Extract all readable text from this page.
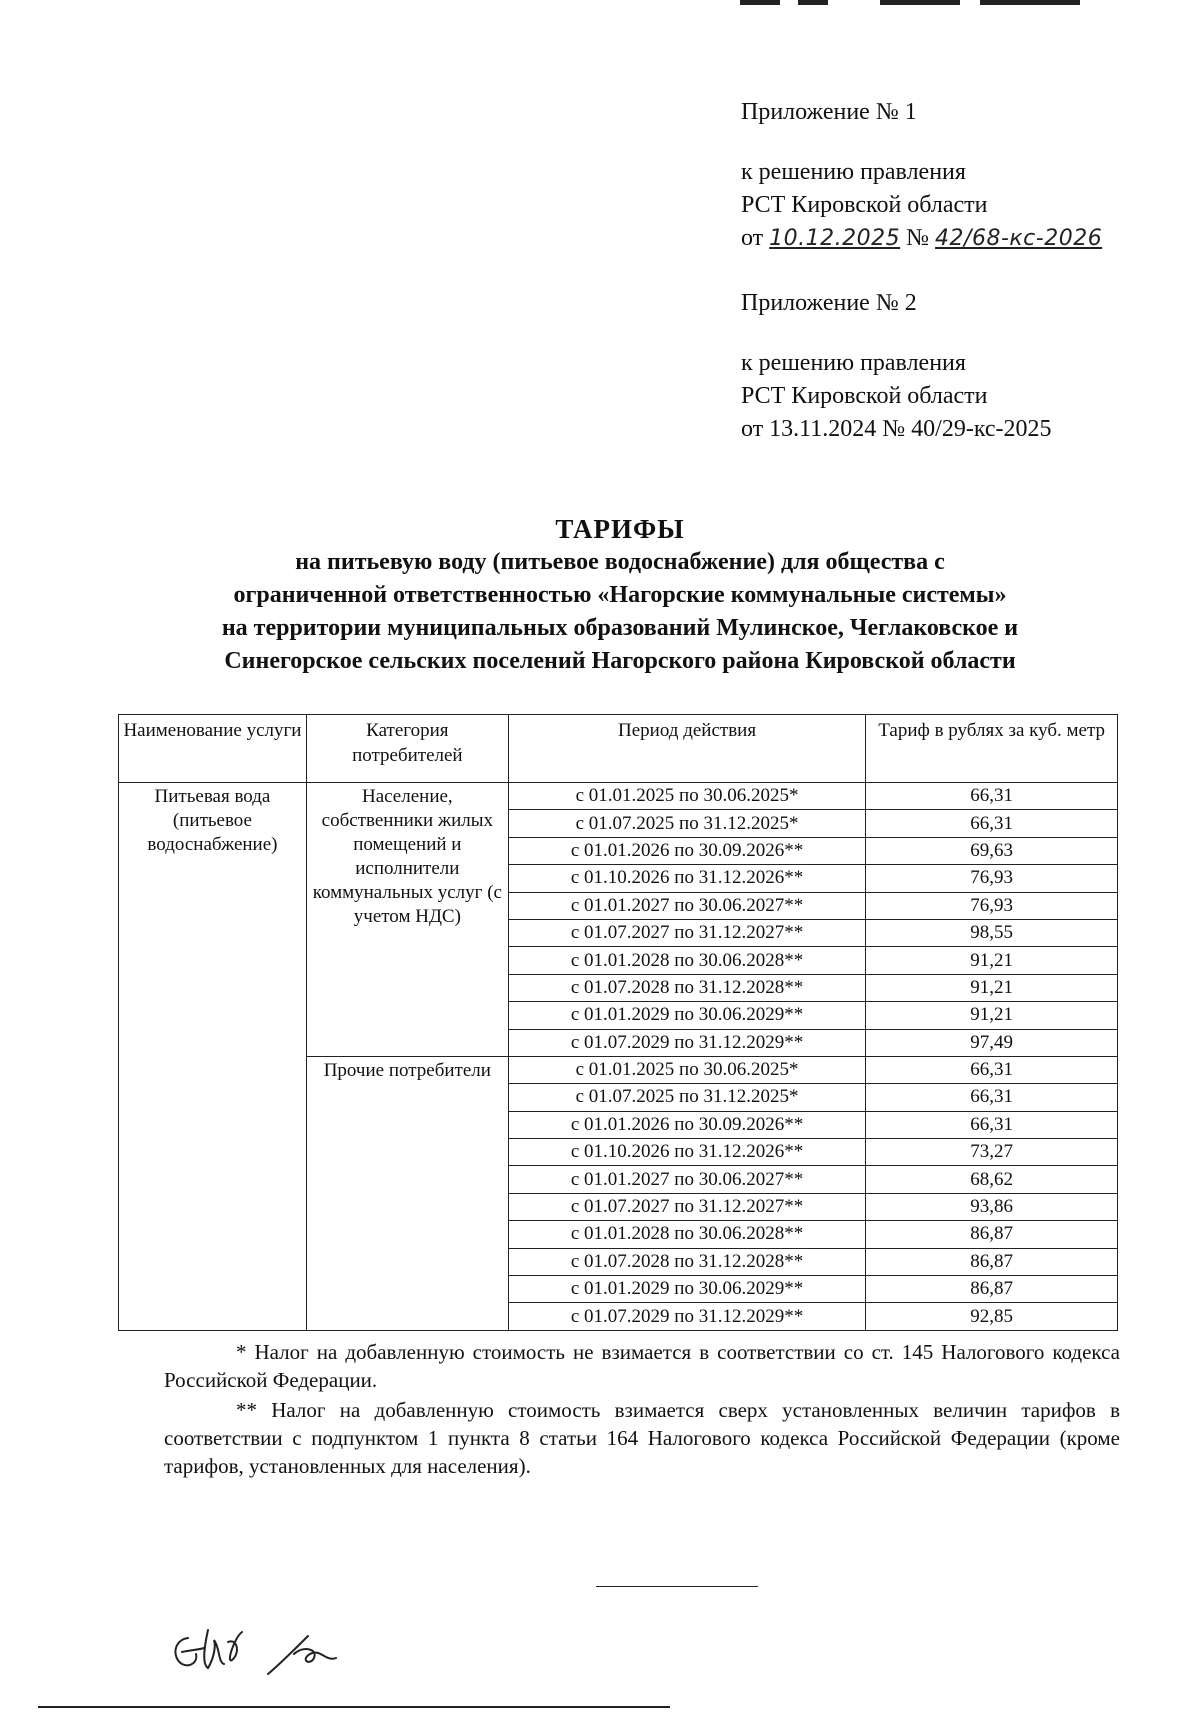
Приложение № 1
к решению правления
РСТ Кировской области
от 10.12.2025 № 42/68-кс-2026
Приложение № 2
к решению правления
РСТ Кировской области
от 13.11.2024 № 40/29-кс-2025
ТАРИФЫ
на питьевую воду (питьевое водоснабжение) для общества с
ограниченной ответственностью «Нагорские коммунальные системы»
на территории муниципальных образований Мулинское, Чеглаковское и
Синегорское сельских поселений Нагорского района Кировской области
Наименование услуги	Категория потребителей	Период действия	Тариф в рублях за куб. метр
Питьевая вода (питьевое водоснабжение)	Население, собственники жилых помещений и исполнители коммунальных услуг (с учетом НДС)	с 01.01.2025 по 30.06.2025*	66,31
		с 01.07.2025 по 31.12.2025*	66,31
		с 01.01.2026 по 30.09.2026**	69,63
		с 01.10.2026 по 31.12.2026**	76,93
		с 01.01.2027 по 30.06.2027**	76,93
		с 01.07.2027 по 31.12.2027**	98,55
		с 01.01.2028 по 30.06.2028**	91,21
		с 01.07.2028 по 31.12.2028**	91,21
		с 01.01.2029 по 30.06.2029**	91,21
		с 01.07.2029 по 31.12.2029**	97,49
	Прочие потребители	с 01.01.2025 по 30.06.2025*	66,31
		с 01.07.2025 по 31.12.2025*	66,31
		с 01.01.2026 по 30.09.2026**	66,31
		с 01.10.2026 по 31.12.2026**	73,27
		с 01.01.2027 по 30.06.2027**	68,62
		с 01.07.2027 по 31.12.2027**	93,86
		с 01.01.2028 по 30.06.2028**	86,87
		с 01.07.2028 по 31.12.2028**	86,87
		с 01.01.2029 по 30.06.2029**	86,87
		с 01.07.2029 по 31.12.2029**	92,85

* Налог на добавленную стоимость не взимается в соответствии со ст. 145 Налогового кодекса Российской Федерации.

** Налог на добавленную стоимость взимается сверх установленных величин тарифов в соответствии с подпунктом 1 пункта 8 статьи 164 Налогового кодекса Российской Федерации (кроме тарифов, установленных для населения).
